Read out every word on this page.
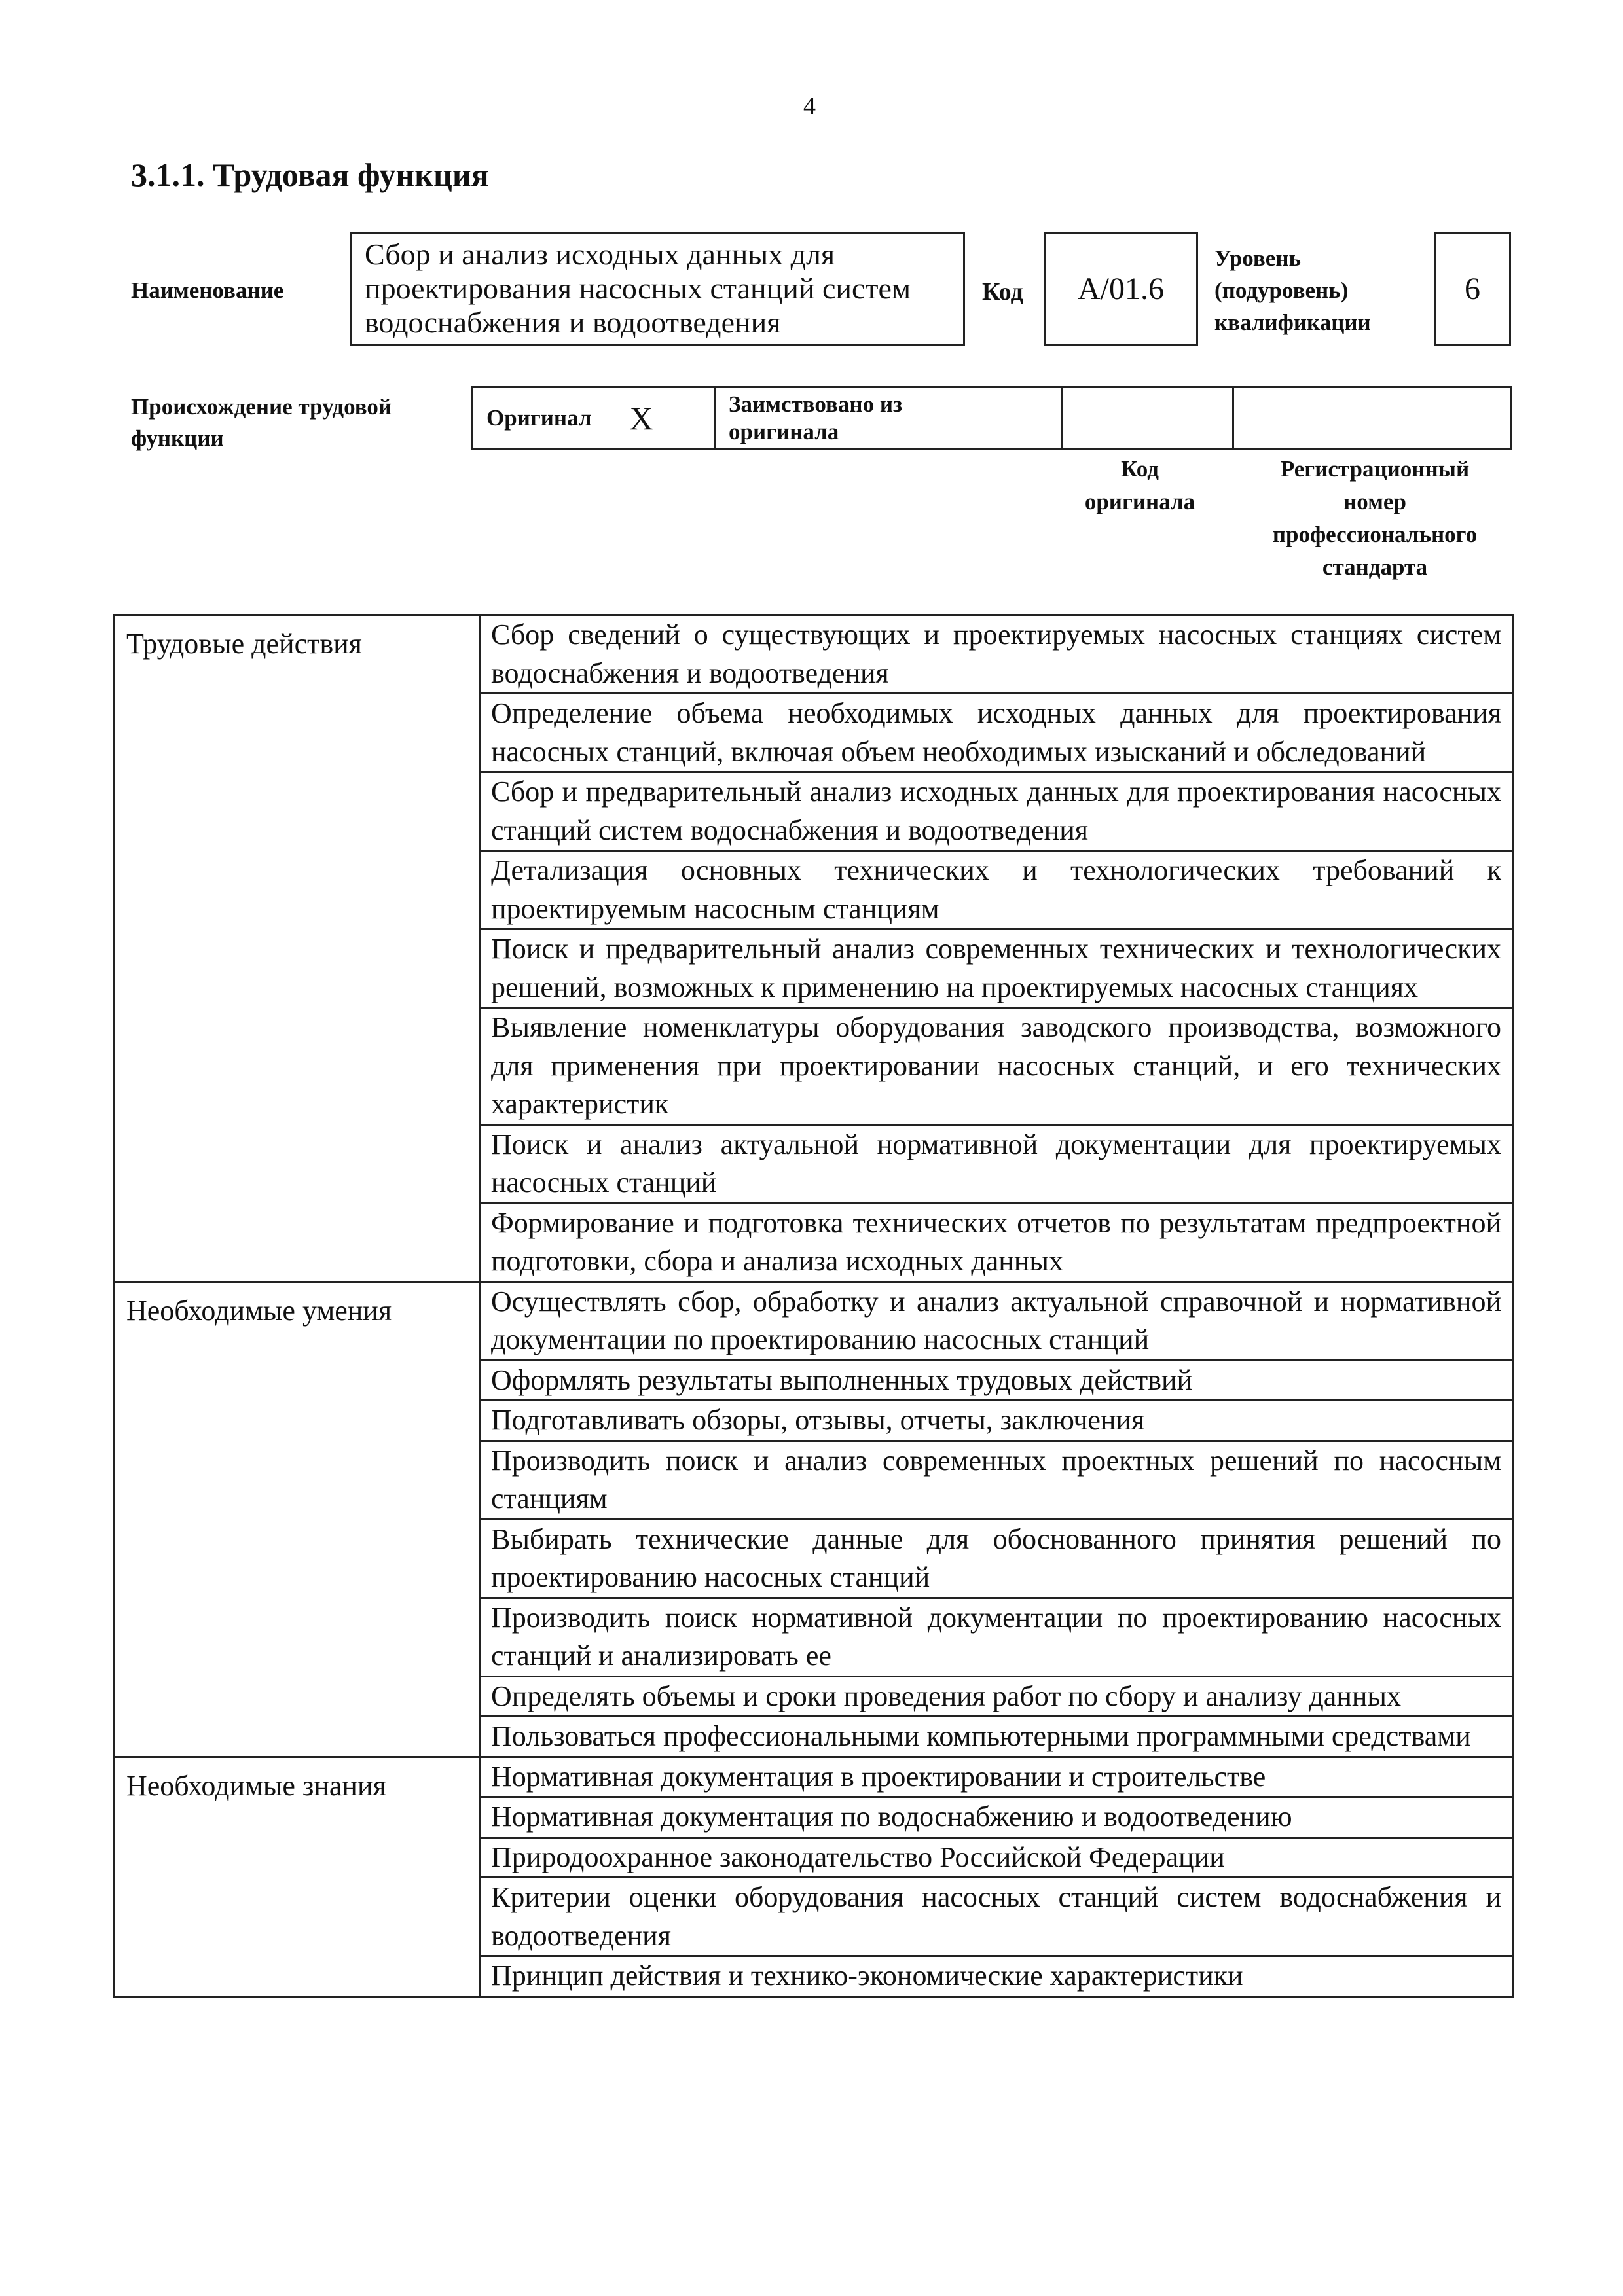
4
3.1.1. Трудовая функция
Наименование
Сбор и анализ исходных данных для проектирования насосных станций систем водоснабжения и водоотведения
Код А/01.6
Уровень
(подуровень)
квалификации
6
Происхождение трудовой
функции
Оригинал X	Заимствовано из
оригинала
Код
оригинала
Регистрационный
номер
профессионального
стандарта
Трудовые действия	Сбор сведений о существующих и проектируемых насосных станциях систем водоснабжения и водоотведения
	Определение объема необходимых исходных данных для проектирования насосных станций, включая объем необходимых изысканий и обследований
	Сбор и предварительный анализ исходных данных для проектирования насосных станций систем водоснабжения и водоотведения
	Детализация основных технических и технологических требований к проектируемым насосным станциям
	Поиск и предварительный анализ современных технических и технологических решений, возможных к применению на проектируемых насосных станциях
	Выявление номенклатуры оборудования заводского производства, возможного для применения при проектировании насосных станций, и его технических характеристик
	Поиск и анализ актуальной нормативной документации для проектируемых насосных станций
	Формирование и подготовка технических отчетов по результатам предпроектной подготовки, сбора и анализа исходных данных
Необходимые умения	Осуществлять сбор, обработку и анализ актуальной справочной и нормативной документации по проектированию насосных станций
	Оформлять результаты выполненных трудовых действий
	Подготавливать обзоры, отзывы, отчеты, заключения
	Производить поиск и анализ современных проектных решений по насосным станциям
	Выбирать технические данные для обоснованного принятия решений по проектированию насосных станций
	Производить поиск нормативной документации по проектированию насосных станций и анализировать ее
	Определять объемы и сроки проведения работ по сбору и анализу данных
	Пользоваться профессиональными компьютерными программными средствами
Необходимые знания	Нормативная документация в проектировании и строительстве
	Нормативная документация по водоснабжению и водоотведению
	Природоохранное законодательство Российской Федерации
	Критерии оценки оборудования насосных станций систем водоснабжения и водоотведения
	Принцип действия и технико-экономические характеристики
